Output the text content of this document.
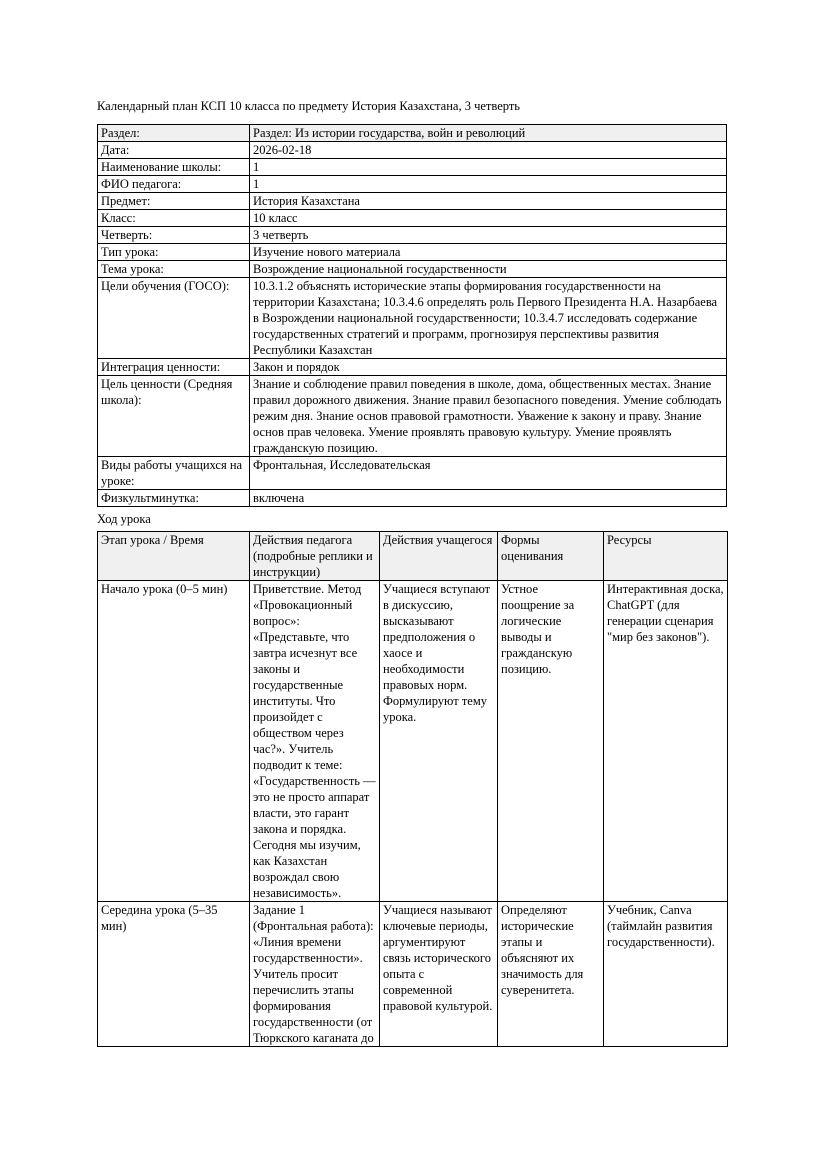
Календарный план КСП 10 класса по предмету История Казахстана, 3 четверть

Раздел:	Раздел: Из истории государства, войн и революций
Дата:	2026-02-18
Наименование школы:	1
ФИО педагога:	1
Предмет:	История Казахстана
Класс:	10 класс
Четверть:	3 четверть
Тип урока:	Изучение нового материала
Тема урока:	Возрождение национальной государственности
Цели обучения (ГОСО):	10.3.1.2 объяснять исторические этапы формирования государственности на территории Казахстана; 10.3.4.6 определять роль Первого Президента Н.А. Назарбаева в Возрождении национальной государственности; 10.3.4.7 исследовать содержание государственных стратегий и программ, прогнозируя перспективы развития Республики Казахстан
Интеграция ценности:	Закон и порядок
Цель ценности (Средняя школа):	Знание и соблюдение правил поведения в школе, дома, общественных местах. Знание правил дорожного движения. Знание правил безопасного поведения. Умение соблюдать режим дня. Знание основ правовой грамотности. Уважение к закону и праву. Знание основ прав человека. Умение проявлять правовую культуру. Умение проявлять гражданскую позицию.
Виды работы учащихся на уроке:	Фронтальная, Исследовательская
Физкультминутка:	включена

Ход урока

Этап урока / Время	Действия педагога (подробные реплики и инструкции)	Действия учащегося	Формы оценивания	Ресурсы
Начало урока (0–5 мин)	Приветствие. Метод «Провокационный вопрос»: «Представьте, что завтра исчезнут все законы и государственные институты. Что произойдет с обществом через час?». Учитель подводит к теме: «Государственность — это не просто аппарат власти, это гарант закона и порядка. Сегодня мы изучим, как Казахстан возрождал свою независимость».	Учащиеся вступают в дискуссию, высказывают предположения о хаосе и необходимости правовых норм. Формулируют тему урока.	Устное поощрение за логические выводы и гражданскую позицию.	Интерактивная доска, ChatGPT (для генерации сценария "мир без законов").
Середина урока (5–35 мин)	Задание 1 (Фронтальная работа): «Линия времени государственности». Учитель просит перечислить этапы формирования государственности (от Тюркского каганата до	Учащиеся называют ключевые периоды, аргументируют связь исторического опыта с современной правовой культурой.	Определяют исторические этапы и объясняют их значимость для суверенитета.	Учебник, Canva (таймлайн развития государственности).
